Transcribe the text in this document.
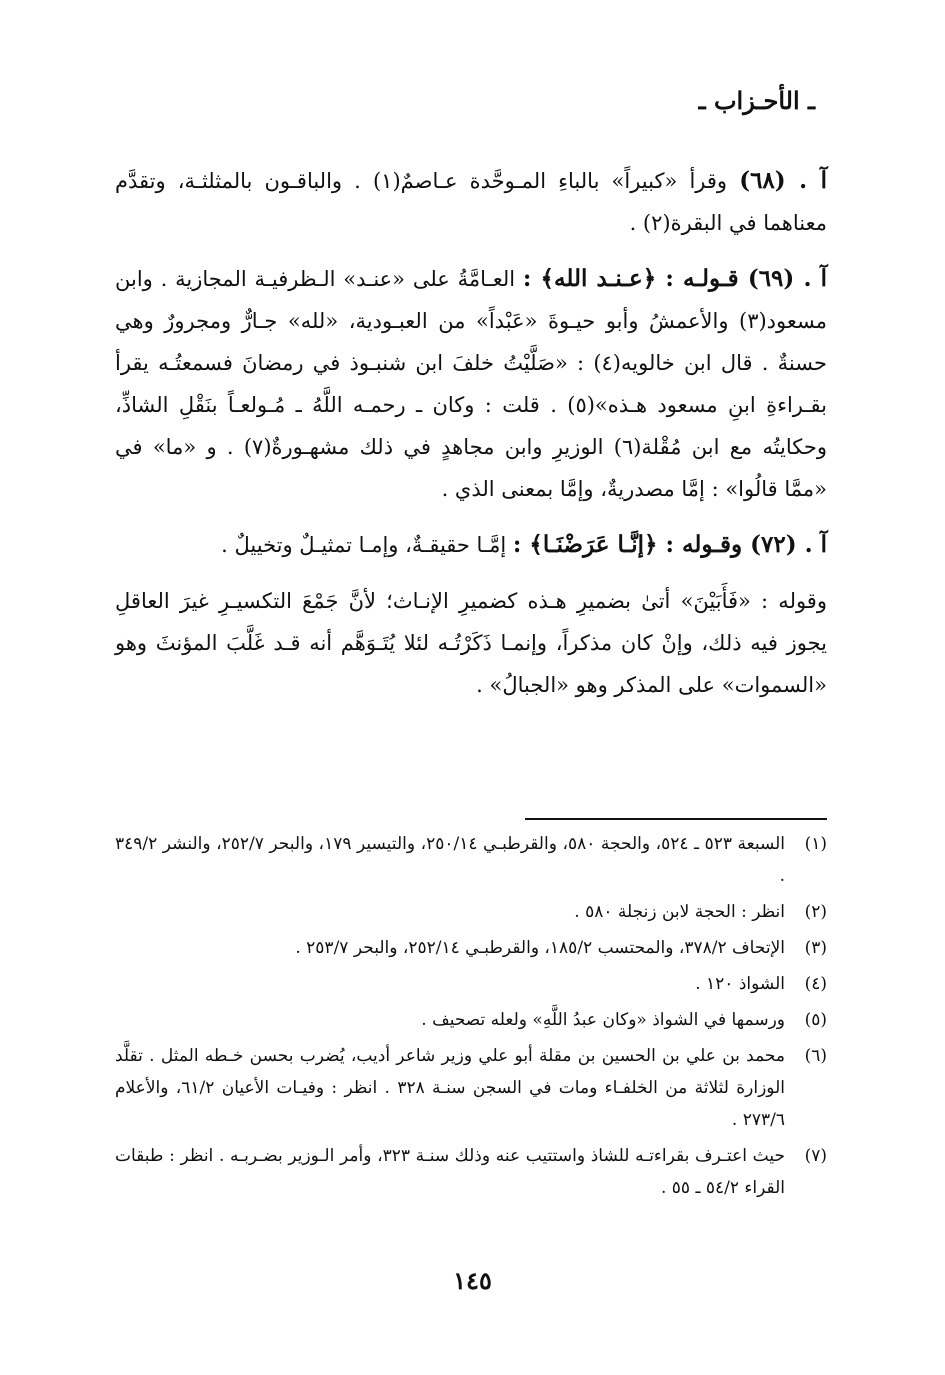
ـ الأحـزاب ـ

آ . (٦٨) وقرأ «كبيراً» بالباءِ المـوحَّدة عـاصمٌ(١) . والباقـون بالمثلثـة، وتقدَّم معناهما في البقرة(٢) .

آ . (٦٩) قـولـه : ﴿عـنـد الله﴾ : العـامَّةُ على «عنـد» الـظرفيـة المجازية . وابن مسعود(٣) والأعمشُ وأبو حيـوةَ «عَبْداً» من العبـودية، «لله» جـارٌّ ومجرورٌ وهي حسنةٌ . قال ابن خالويه(٤) : «صَلَّيْتُ خلفَ ابن شنبـوذ في رمضانَ فسمعتُـه يقرأ بقـراءةِ ابنِ مسعود هـذه»(٥) . قلت : وكان ـ رحمـه اللَّهُ ـ مُـولعـاً بنَقْلِ الشاذِّ، وحكايتُه مع ابن مُقْلة(٦) الوزيرِ وابن مجاهدٍ في ذلك مشهـورةٌ(٧) . و «ما» في «ممَّا قالُوا» : إمَّا مصدريةٌ، وإمَّا بمعنى الذي .

آ . (٧٢) وقـوله : ﴿إنَّـا عَرَضْنَـا﴾ : إمَّـا حقيقـةٌ، وإمـا تمثيـلٌ وتخييلٌ .

وقوله : «فَأَبَيْنَ» أتىٰ بضميرِ هـذه كضميرِ الإنـاث؛ لأنَّ جَمْعَ التكسيـرِ غيرَ العاقلِ يجوز فيه ذلك، وإنْ كان مذكراً، وإنمـا ذَكَرْتُـه لئلا يُتَـوَهَّم أنه قـد غَلَّبَ المؤنثَ وهو «السموات» على المذكر وهو «الجبالُ» .

(١)
السبعة ٥٢٣ ـ ٥٢٤، والحجة ٥٨٠، والقرطبـي ٢٥٠/١٤، والتيسير ١٧٩، والبحر ٢٥٢/٧، والنشر ٣٤٩/٢ .
(٢)
انظر : الحجة لابن زنجلة ٥٨٠ .
(٣)
الإتحاف ٣٧٨/٢، والمحتسب ١٨٥/٢، والقرطبـي ٢٥٢/١٤، والبحر ٢٥٣/٧ .
(٤)
الشواذ ١٢٠ .
(٥)
ورسمها في الشواذ «وكان عبدُ اللَّهِ» ولعله تصحيف .
(٦)
محمد بن علي بن الحسين بن مقلة أبو علي وزير شاعر أديب، يُضرب بحسن خـطه المثل . تقلَّد الوزارة لثلاثة من الخلفـاء ومات في السجن سنـة ٣٢٨ . انظر : وفيـات الأعيان ٦١/٢، والأعلام ٢٧٣/٦ .
(٧)
حيث اعتـرف بقراءتـه للشاذ واستتيب عنه وذلك سنـة ٣٢٣، وأمر الـوزير بضـربـه . انظر : طبقات القراء ٥٤/٢ ـ ٥٥ .
١٤٥
